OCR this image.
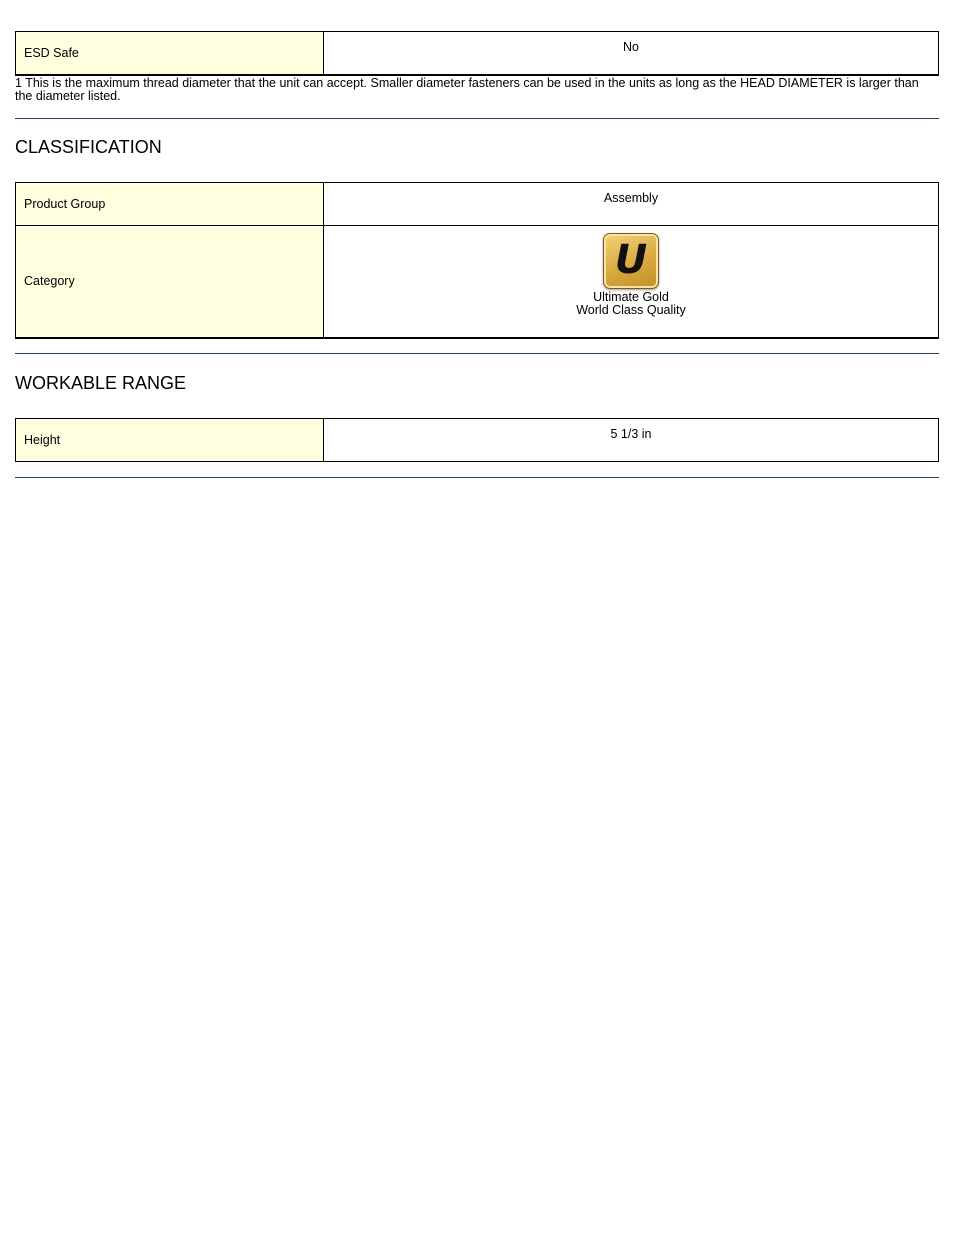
ESD Safe	No
1 This is the maximum thread diameter that the unit can accept. Smaller diameter fasteners can be used in the units as long as the HEAD DIAMETER is larger than the diameter listed.
CLASSIFICATION
Product Group	Assembly
Category	U
Ultimate Gold
World Class Quality
WORKABLE RANGE
Height	5 1/3 in
